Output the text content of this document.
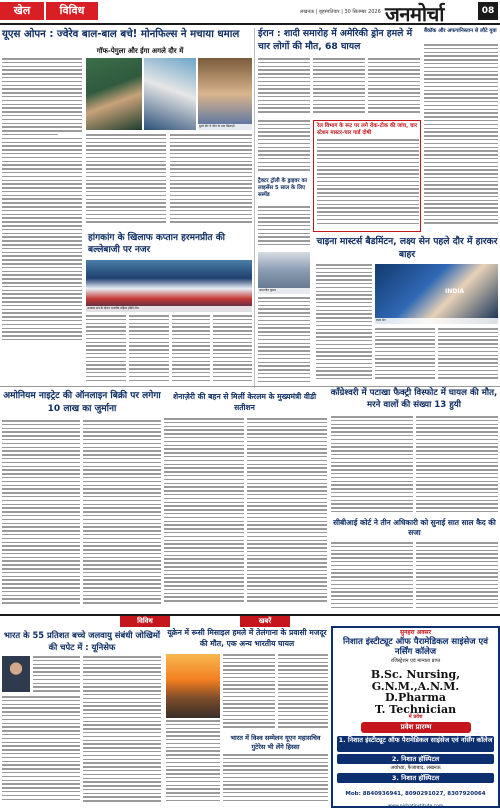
खेल	विविध	लखनऊ | बृहस्पतिवार | 30 सितम्बर 2026 जनमोर्चा	08
यूएस ओपन : ज्वेरेव बाल-बाल बचे! मोनफिल्स ने मचाया धमाल
गॉफ-पेगुला और ईगा अगले दौर में
दूसरे दौर में जीत के बाद खिलाड़ी
हांगकांग के खिलाफ कप्तान हरमनप्रीत की बल्लेबाजी पर नजर
अभ्यास सत्र के दौरान भारतीय महिला हॉकी टीम
ईरान : शादी समारोह में अमेरिकी ड्रोन हमले में चार लोगों की मौत, 68 घायल
बैंकॉक और अफगानिस्तान से लौटे युवा
रेल विभाग के रूट पर लगे रोक-टोक की जांच, चार स्टेशन मास्टर-चार गार्ड दोषी
ट्रैक्टर ट्रॉली के ड्राइवर का लाइसेंस 5 साल के लिए सस्पेंड
अमरजीत कुमार
चाइना मास्टर्स बैडमिंटन, लक्ष्य सेन पहले दौर में हारकर बाहर
INDIA
लक्ष्य सेन
अमोनियम नाइट्रेट की ऑनलाइन बिक्री पर लगेगा 10 लाख का जुर्माना
शेनाज़ेरी की बहन से मिलीं केरलम के मुख्यमंत्री वीडी सतीशन
काँग्रेश्वरी में पटाखा फैक्ट्री विस्फोट में घायल की मौत, मरने वालों की संख्या 13 हुयी
सीबीआई कोर्ट ने तीन अधिकारी को सुनाई सात साल कैद की सजा
विविध	खबरें
भारत के 55 प्रतिशत बच्चे जलवायु संबंधी जोखिमों की चपेट में : यूनिसेफ
यूक्रेन में रूसी मिसाइल हमले में तेलंगाना के प्रवासी मजदूर की मौत, एक अन्य भारतीय घायल
भारत में विश्व सम्मेलन यूएन महासचिव गुटेरेस भी लेंगे हिस्सा
सुनहरा अवसर
निशात इंस्टीट्यूट ऑफ पैरामेडिकल साइंसेज एवं नर्सिंग कॉलेज
रजिस्ट्रेशन एवं मान्यता प्राप्त
B.Sc. Nursing,
G.N.M.,A.N.M.
D.Pharma
T. Technician
में प्रवेश
प्रवेश प्रारम्भ
1. निशात इंस्टीट्यूट ऑफ पैरामेडिकल साइंसेज एवं नर्सिंग कॉलेज
2. निशात हॉस्पिटल
अयोध्या, फैजाबाद, लखनऊ
3. निशात हॉस्पिटल
Mob: 8840936941, 8090291027, 8307920064
www.nishatinstitute.com
